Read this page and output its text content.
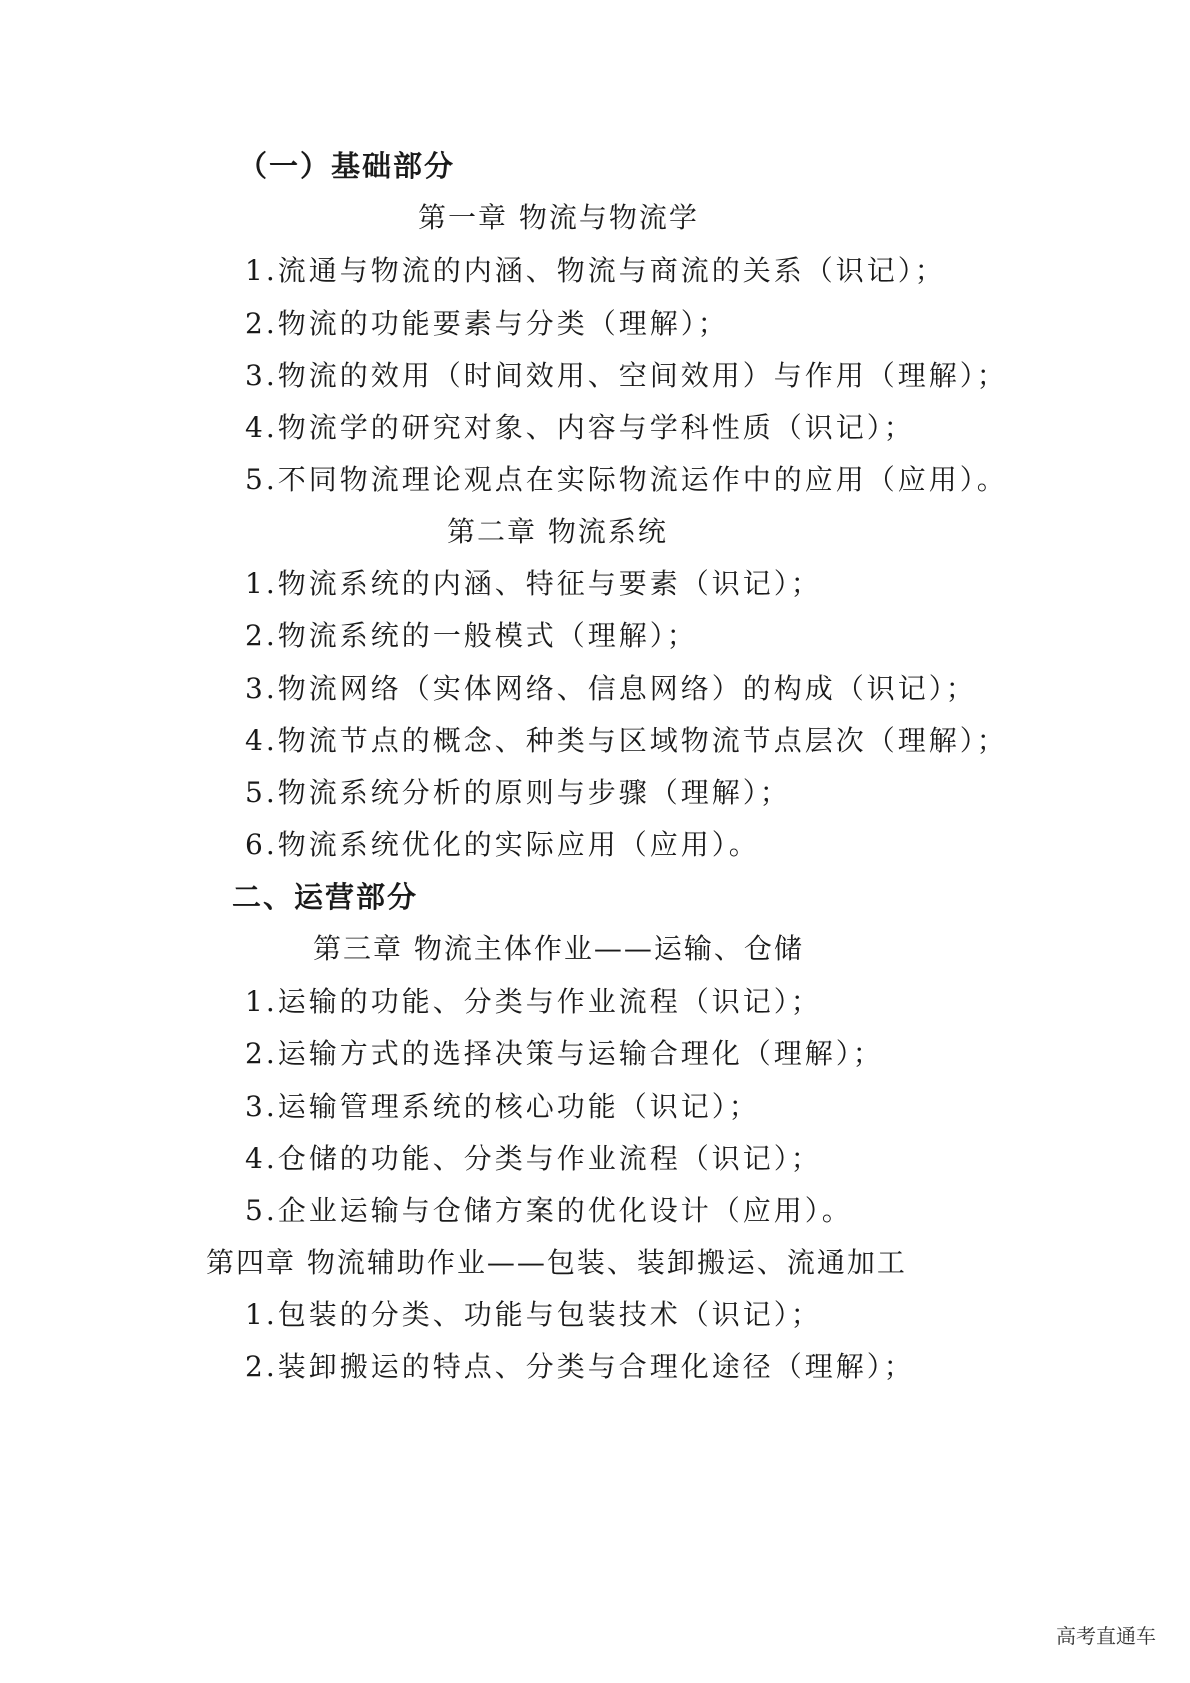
（一）基础部分
第一章 物流与物流学
1.流通与物流的内涵、物流与商流的关系（识记）；
2.物流的功能要素与分类（理解）；
3.物流的效用（时间效用、空间效用）与作用（理解）；
4.物流学的研究对象、内容与学科性质（识记）；
5.不同物流理论观点在实际物流运作中的应用（应用）。
第二章 物流系统
1.物流系统的内涵、特征与要素（识记）；
2.物流系统的一般模式（理解）；
3.物流网络（实体网络、信息网络）的构成（识记）；
4.物流节点的概念、种类与区域物流节点层次（理解）；
5.物流系统分析的原则与步骤（理解）；
6.物流系统优化的实际应用（应用）。
二、运营部分
第三章 物流主体作业——运输、仓储
1.运输的功能、分类与作业流程（识记）；
2.运输方式的选择决策与运输合理化（理解）；
3.运输管理系统的核心功能（识记）；
4.仓储的功能、分类与作业流程（识记）；
5.企业运输与仓储方案的优化设计（应用）。
第四章 物流辅助作业——包装、装卸搬运、流通加工
1.包装的分类、功能与包装技术（识记）；
2.装卸搬运的特点、分类与合理化途径（理解）；
高考直通车
